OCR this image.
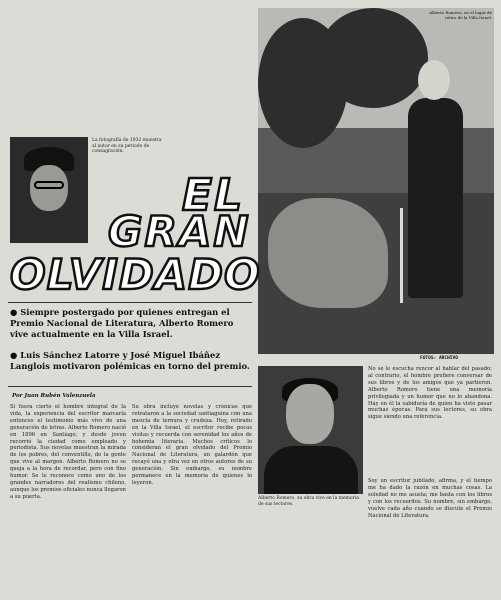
Alberto Romero, en el lugar de retiro de la Villa Israel.
La fotografía de 1932 muestra al autor en su periodo de consagración.
EL
GRAN
OLVIDADO
● Siempre postergado por quienes entregan el Premio Nacional de Literatura, Alberto Romero vive actualmente en la Villa Israel.
● Luis Sánchez Latorre y José Miguel Ibáñez Langlois motivaron polémicas en torno del premio.
FOTOS: ARCHIVO
Por Juan Rubén Valenzuela
Si fuera cierto el hombre integral de la vida, la experiencia del escritor marcaría entonces el testimonio más vivo de una generación de letras. Alberto Romero nació en 1896 en Santiago, y desde joven recorrió la ciudad como empleado y periodista. Sus novelas muestran la mirada de los pobres, del conventillo, de la gente que vive al margen. Alberto Romero no se queja a la hora de recordar, pero con fino humor. Se le reconoce como uno de los grandes narradores del realismo chileno, aunque los premios oficiales nunca llegaron a su puerta.
Su obra incluye novelas y crónicas que retrataron a la sociedad santiaguina con una mezcla de ternura y crudeza. Hoy, retirado en la Villa Israel, el escritor recibe pocas visitas y recuerda con serenidad los años de bohemia literaria. Muchos críticos lo consideran el gran olvidado del Premio Nacional de Literatura, un galardón que recayó una y otra vez en otros autores de su generación. Sin embargo, su nombre permanece en la memoria de quienes lo leyeron.
Alberto Romero, su obra vive en la memoria de sus lectores.
No se le escucha rencor al hablar del pasado; al contrario, el hombre prefiere conversar de sus libros y de los amigos que ya partieron. Alberto Romero tiene una memoria privilegiada y un humor que no lo abandona. Hay en él la sabiduría de quien ha visto pasar muchas épocas. Para sus lectores, su obra sigue siendo una referencia.
Soy un escritor jubilado, afirma, y el tiempo me ha dado la razón en muchas cosas. La soledad no me asusta; me basta con los libros y con los recuerdos. Su nombre, sin embargo, vuelve cada año cuando se discute el Premio Nacional de Literatura.
